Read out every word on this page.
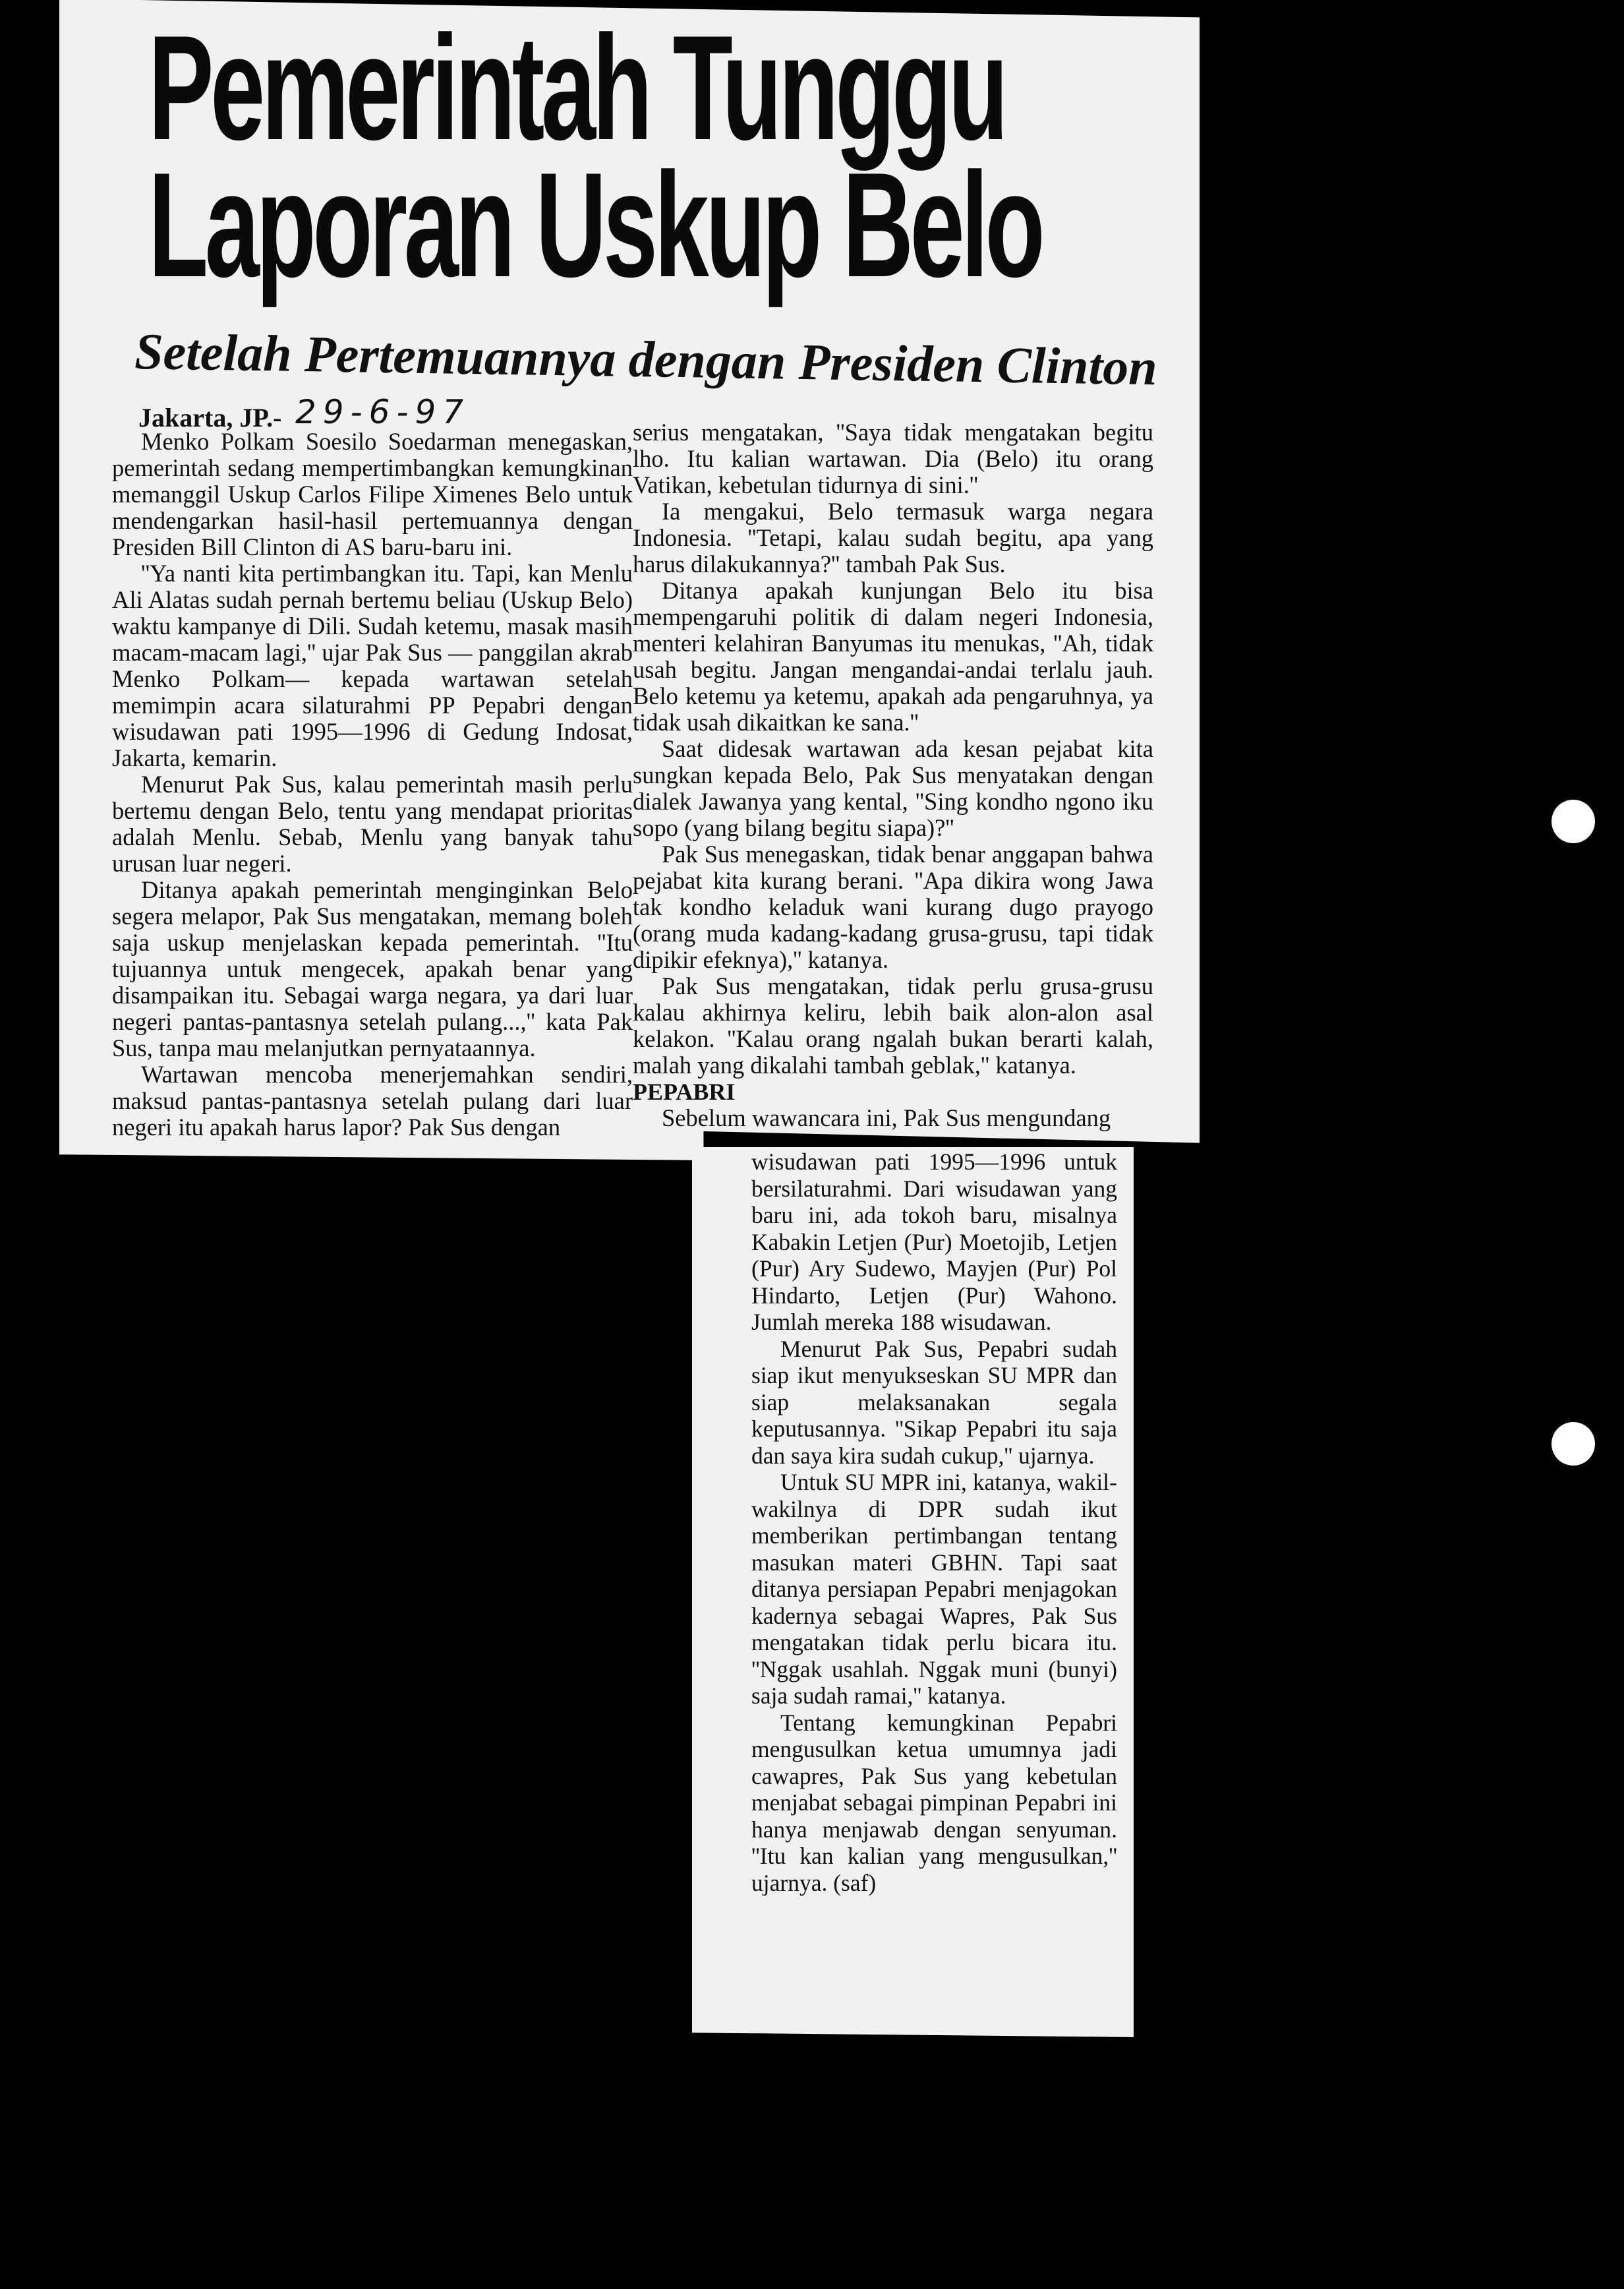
Pemerintah Tunggu
Laporan Uskup Belo
Setelah Pertemuannya dengan Presiden Clinton
Jakarta, JP.- 29-6-97

Menko Polkam Soesilo Soedarman menegaskan, pemerintah sedang mempertimbangkan kemungkinan memanggil Uskup Carlos Filipe Ximenes Belo untuk mendengarkan hasil-hasil pertemuannya dengan Presiden Bill Clinton di AS baru-baru ini.

''Ya nanti kita pertimbangkan itu. Tapi, kan Menlu Ali Alatas sudah pernah bertemu beliau (Uskup Belo) waktu kampanye di Dili. Sudah ketemu, masak masih macam-macam lagi,'' ujar Pak Sus — panggilan akrab Menko Polkam— kepada wartawan setelah memimpin acara silaturahmi PP Pepabri dengan wisudawan pati 1995—1996 di Gedung Indosat, Jakarta, kemarin.

Menurut Pak Sus, kalau pemerintah masih perlu bertemu dengan Belo, tentu yang mendapat prioritas adalah Menlu. Sebab, Menlu yang banyak tahu urusan luar negeri.

Ditanya apakah pemerintah menginginkan Belo segera melapor, Pak Sus mengatakan, memang boleh saja uskup menjelaskan kepada pemerintah. ''Itu tujuannya untuk mengecek, apakah benar yang disampaikan itu. Sebagai warga negara, ya dari luar negeri pantas-pantasnya setelah pulang...,'' kata Pak Sus, tanpa mau melanjutkan pernyataannya.

Wartawan mencoba menerjemahkan sendiri, maksud pantas-pantasnya setelah pulang dari luar negeri itu apakah harus lapor? Pak Sus dengan

serius mengatakan, ''Saya tidak mengatakan begitu lho. Itu kalian wartawan. Dia (Belo) itu orang Vatikan, kebetulan tidurnya di sini.''

Ia mengakui, Belo termasuk warga negara Indonesia. ''Tetapi, kalau sudah begitu, apa yang harus dilakukannya?'' tambah Pak Sus.

Ditanya apakah kunjungan Belo itu bisa mempengaruhi politik di dalam negeri Indonesia, menteri kelahiran Banyumas itu menukas, ''Ah, tidak usah begitu. Jangan mengandai-andai terlalu jauh. Belo ketemu ya ketemu, apakah ada pengaruhnya, ya tidak usah dikaitkan ke sana.''

Saat didesak wartawan ada kesan pejabat kita sungkan kepada Belo, Pak Sus menyatakan dengan dialek Jawanya yang kental, ''Sing kondho ngono iku sopo (yang bilang begitu siapa)?''

Pak Sus menegaskan, tidak benar anggapan bahwa pejabat kita kurang berani. ''Apa dikira wong Jawa tak kondho keladuk wani kurang dugo prayogo (orang muda kadang-kadang grusa-grusu, tapi tidak dipikir efeknya),'' katanya.

Pak Sus mengatakan, tidak perlu grusa-grusu kalau akhirnya keliru, lebih baik alon-alon asal kelakon. ''Kalau orang ngalah bukan berarti kalah, malah yang dikalahi tambah geblak,'' katanya.

PEPABRI

Sebelum wawancara ini, Pak Sus mengundang

wisudawan pati 1995—1996 untuk bersilaturahmi. Dari wisudawan yang baru ini, ada tokoh baru, misalnya Kabakin Letjen (Pur) Moetojib, Letjen (Pur) Ary Sudewo, Mayjen (Pur) Pol Hindarto, Letjen (Pur) Wahono. Jumlah mereka 188 wisudawan.

Menurut Pak Sus, Pepabri sudah siap ikut menyukseskan SU MPR dan siap melaksanakan segala keputusannya. ''Sikap Pepabri itu saja dan saya kira sudah cukup,'' ujarnya.

Untuk SU MPR ini, katanya, wakil-wakilnya di DPR sudah ikut memberikan pertimbangan tentang masukan materi GBHN. Tapi saat ditanya persiapan Pepabri menjagokan kadernya sebagai Wapres, Pak Sus mengatakan tidak perlu bicara itu. ''Nggak usahlah. Nggak muni (bunyi) saja sudah ramai,'' katanya.

Tentang kemungkinan Pepabri mengusulkan ketua umumnya jadi cawapres, Pak Sus yang kebetulan menjabat sebagai pimpinan Pepabri ini hanya menjawab dengan senyuman. ''Itu kan kalian yang mengusulkan,'' ujarnya. (saf)
